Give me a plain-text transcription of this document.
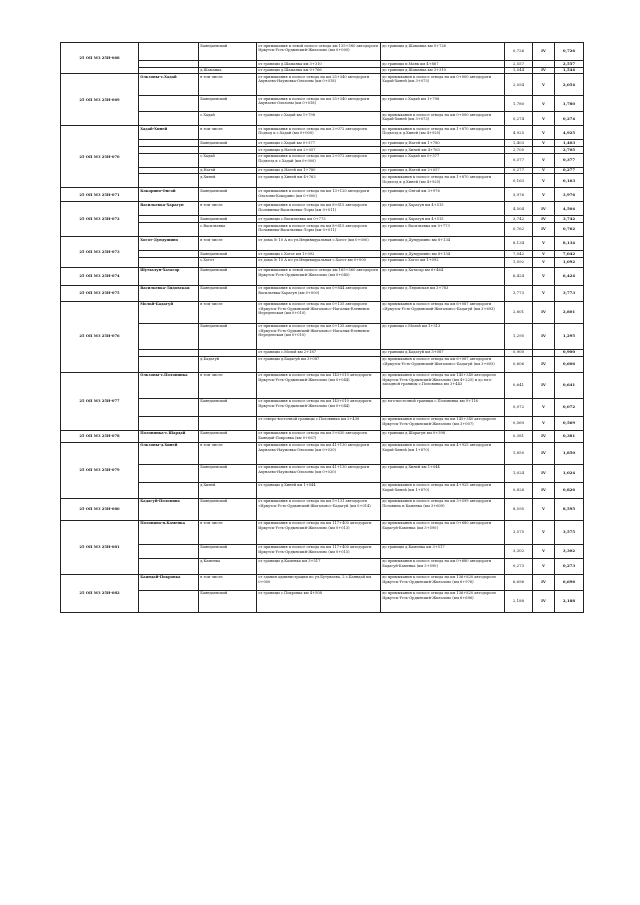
25 ОП МЗ 25Н-068		Баяндаевский	от примыкания к левой полосе отвода км 135+580 автодороги Иркутск-Усть-Ордынский-Жигалово (км 0+000)	до границы д.Шаманка км 0+726	0,726	IV	0,726
			от границы д.Шаманка км 3+310	до границы п.Маяк км 4+867	2,557		2,557
		д.Шаманка	от границы д.Шаманка км 0+766	до границы д.Шаманка км 3+310	1,544	IV	1,544
25 ОП МЗ 25Н-069	Ользоны-с.Хадай	в том числе	от примыкания к полосе отвода на км 25+340 автодороги Ахунаево-Наумовка-Ользоны (км 0+018)	до примыкания к полосе отвода на км 0+000 автодороги Хадай-Хиней (км 3+073)	2,054	V	2,054
		Баяндаевский	от примыкания к полосе отвода на км 25+340 автодороги Ахунаево-Ользоны (км 0+018)	до границы с.Хадай км 1+798	1,780	V	1,780
		с.Хадай	от границы с.Хадай км 1+798	до примыкания к полосе отвода на км 0+000 автодороги Хадай-Хиней (км 3+073)	0,274	V	0,274
25 ОП МЗ 25Н-070	Хадай-Хиней	в том числе	от примыкания к полосе отвода на км 2+072 автодороги Подход к с.Хадай (км 0+000)	до примыкания к полосе отвода на км 1+870 автодороги Подъезд к д.Хиней (км 4+925)	4,925	V	4,925
		Баяндаевский	от границы с.Хадай км 0+377	до границы д.Нагей км 1+780	1,403	V	1,403
			от границы д.Нагей км 2+057	до границы д.Хиней км 4+763	2,705		2,705
		с.Хадай	от примыкания к полосе отвода на км 2+072 автодороги Подъезд к с.Хадай (км 0+000)	до границы с.Хадай км 0+377	0,377	V	0,377
		д.Нагей	от границы д.Нагей км 1+780	до границы д.Нагей км 2+057	0,277	V	0,277
		д.Хиней	от границы д.Хиней км 4+763	до примыкания к полосе отвода на км 1+870 автодороги Подъезд к д.Хиней (км 4+925)	0,163	V	0,163
25 ОП МЗ 25Н-071	Кокорино-Онгой	Баяндаевский	от примыкания к полосе отвода на км 13+120 автодороги Ользоны-Кокорино (км 0+000)	до границы д.Онгой км 3+976	3,976	V	3,976
25 ОП МЗ 25Н-072	Васильевка-Харагун	в том числе	от примыкания к полосе отвода на км 8+815 автодороги Половинка-Васильевка-Лоры (км 0+011)	до границы д.Харагун км 4+515	4,504	IV	4,504
		Баяндаевский	от границы с.Васильевка км 0+773	до границы д.Харагун км 4+515	3,742	IV	3,742
		с.Васильевка	от примыкания к полосе отвода на км 8+815 автодороги Половинка-Васильевка-Лоры (км 0+011)	до границы с.Васильевка км 0+773	0,762	IV	0,762
25 ОП МЗ 25Н-073	Хогот-Дундушино	в том числе	от дома № 10 А по ул.Индивидуальная с.Хогот (км 0+000)	до границы д.Дундушино км 8+134	8,134	V	8,134
		Баяндаевский	от границы с.Хогот км 1+092	до границы д.Дундушино км 8+134	7,042	V	7,042
		с.Хогот	от дома № 10 А по ул.Индивидуальная с.Хогот км 0+000	до границы с.Хогот км 1+092	1,092	V	1,092
25 ОП МЗ 25Н-074	Шутхалун-Хатагар	Баяндаевский	от примыкания к левой полосе отвода км 165+560 автодороги Иркутск-Усть-Ордынский-Жигалово (км 0+040)	до границы д.Хатагар км 6+464	6,424	V	6,424
25 ОП МЗ 25Н-075	Васильевка-Лядовская	Баяндаевский	от примыкания к полосе отвода на км 0+844 автодороги Васильевка-Харагун (км 0+000)	до границы д.Лядовская км 3+783	3,773	V	3,773
25 ОП МЗ 25Н-076	Мольй-Бадагуй	в том числе	от примыкания к полосе отвода на км 0+135 автодороги «Иркутск-Усть-Ордынский-Жигалово»-Нагалык-Еленинск-Нереденская (км 0+010)	до примыкания к полосе отвода на км 6+087 автодороги «Иркутск-Усть-Ордынский-Жигалово»-Бадагуй (км 3+693)	2,801	IV	2,801
		Баяндаевский	от примыкания к полосе отвода на км 0+135 автодороги «Иркутск-Усть-Ордынский-Жигалово»-Нагалык-Еленинск-Нереденская (км 0+010)	до границы с.Мольй км 1+313	1,295	IV	1,295
			от границы с.Мольй км 2+187	до границы д.Бадагуй км 3+087	0,900		0,900
		д.Бадагуй	от границы д.Бадагуй км 3+087	до примыкания к полосе отвода на км 6+087 автодороги «Иркутск-Усть-Ордынский-Жигалово»-Бадагуй (км 3+693)	0,606	IV	0,606
25 ОП МЗ 25Н-077	Ользоны-с.Половинка	в том числе	от примыкания к полосе отвода на км 143+010 автодороги Иркутск-Усть-Ордынский-Жигалово (км 0+044)	до примыкания к полосе отвода на км 145+340 автодороги Иркутск-Усть-Ордынский-Жигалово (км 4+225) и до юго-западной границы с.Половинка км 3+443	0,641	IV	0,641
		Баяндаевский	от примыкания к полосе отвода на км 143+010 автодороги Иркутск-Усть-Ордынский-Жигалово (км 0+044)	до юго-восточной границы с.Половинка км 0+116	0,072	V	0,072
			от северо-восточной границы с.Половинка км 2+438	до примыкания к полосе отвода на км 145+340 автодороги Иркутск-Усть-Ордынский-Жигалово (км 3+007)	0,569	V	0,569
25 ОП МЗ 25Н-078	Половинка-с.Шардай	Баяндаевский	от примыкания к полосе отвода на км 5+630 автодороги Баяндай-Покровка (км 0+067)	до границы д.Шарагун км 0+398	0,381	IV	0,381
25 ОП МЗ 25Н-079	Ользоны-д.Хиней	в том числе	от примыкания к полосе отвода на км 41+130 автодороги Ахунаево-Наумовка-Ользоны (км 0+020)	до примыкания к полосе отвода на км 4+925 автодороги Хадай-Хиней (км 1+870)	1,850	IV	1,850
		Баяндаевский	от примыкания к полосе отвода на км 41+130 автодороги Ахунаево-Наумовка-Ользоны (км 0+020)	до границы д.Хиней км 1+044	1,024	IV	1,024
		д.Хиней	от границы д.Хиней км 1+044	до примыкания к полосе отвода на км 4+925 автодороги Хадай-Хиней (км 1+870)	0,826	IV	0,826
25 ОП МЗ 25Н-080	Бадагуй-Половина	Баяндаевский	от примыкания к полосе отвода на км 5+131 автодороги «Иркутск-Усть-Ордынский-Жигалово»-Бадагуй (км 0+014)	до примыкания к полосе отвода на км 3+599 автодороги Половина п.Каменка (км 3+609)	8,595	V	8,595
25 ОП МЗ 25Н-081	Половина-п.Каменка	в том числе	от примыкания к полосе отвода на км 117+400 автодороги Иркутск-Усть-Ордынский-Жигалово (км 0+013)	до примыкания к полосе отвода на км 0+680 автодороги Бадагуй-Каменка (км 3+590)	3,575	V	3,575
		Баяндаевский	от примыкания к полосе отвода на км 117+400 автодороги Иркутск-Усть-Ордынский-Жигалово (км 0+015)	до границы д.Каменка км 3+517	3,302	V	3,302
		д.Каменка	от границы д.Каменка км 3+517	до примыкания к полосе отвода на км 0+680 автодороги Бадагуй-Каменка (км 3+590)	0,273	V	0,273
25 ОП МЗ 25Н-082	Баяндай-Покровка	в том числе	от здания администрации по ул.Бутунаева, 2 с.Баяндай км 0+000	до примыкания к полосе отвода на км 136+820 автодороги Иркутск-Усть-Ордынский-Жигалово (км 6+976)	6,696	IV	6,696
		Баяндаевский	от границы с.Покровка км 4+508	до примыкания к полосе отвода на км 136+820 автодороги Иркутск-Усть-Ордынский-Жигалово (км 6+696)	2,188	IV	2,188
